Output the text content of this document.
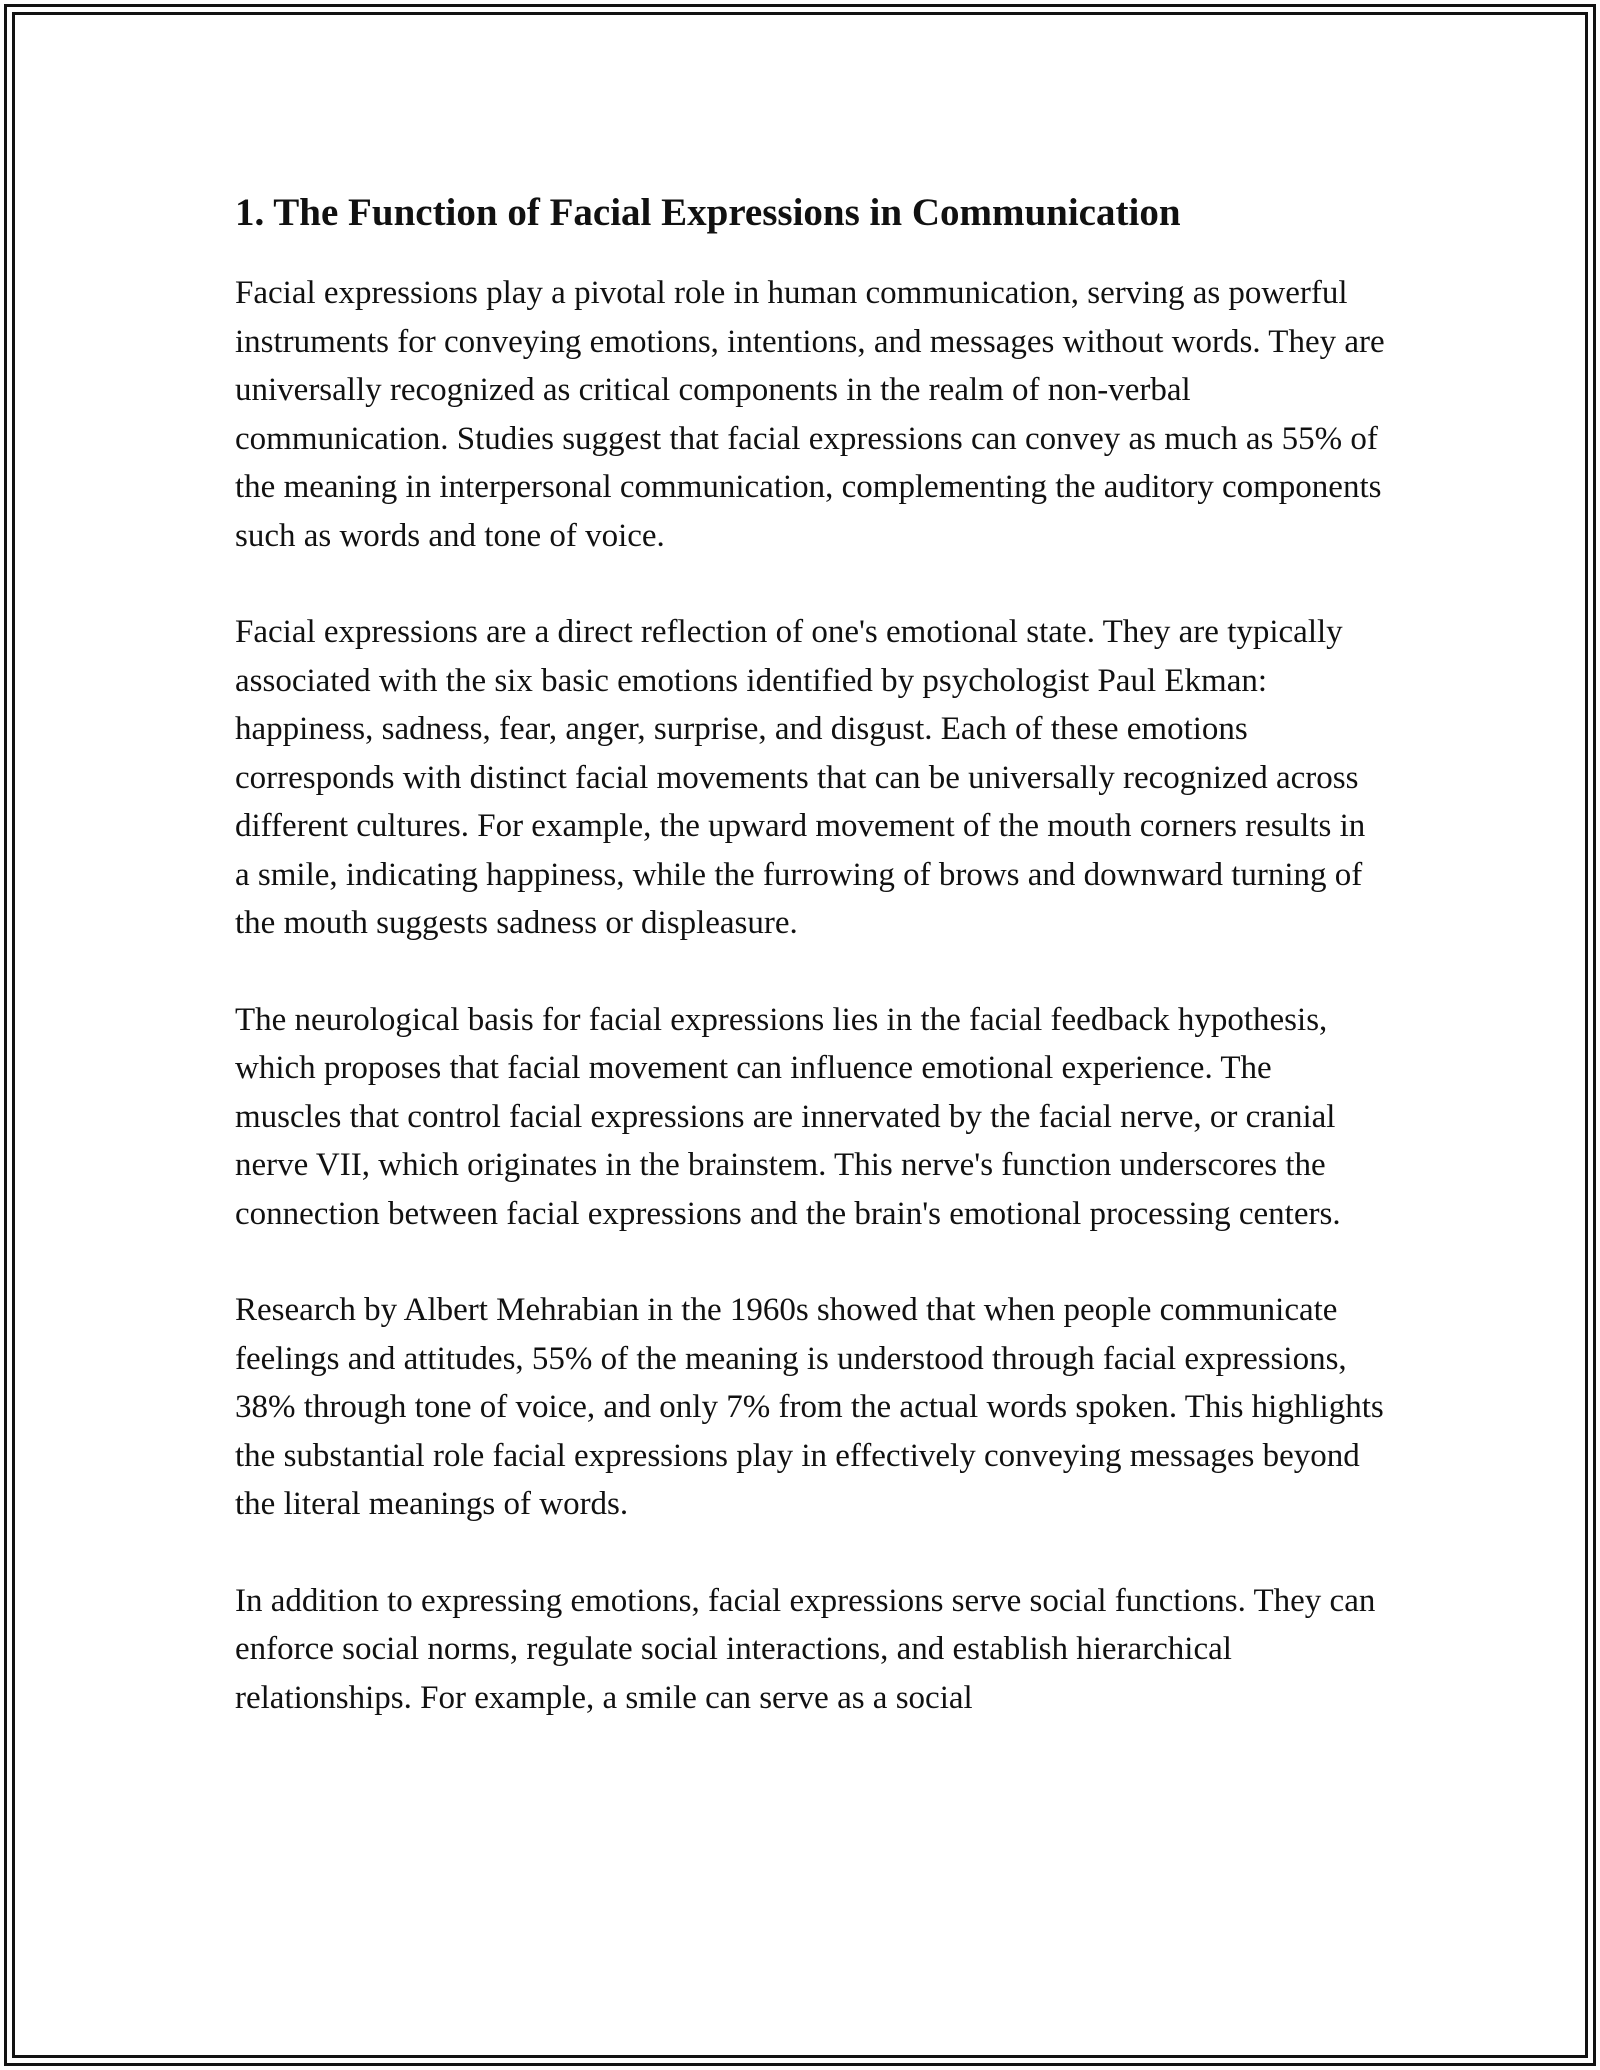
1. The Function of Facial Expressions in Communication

Facial expressions play a pivotal role in human communication, serving as powerful instruments for conveying emotions, intentions, and messages without words. They are universally recognized as critical components in the realm of non-verbal communication. Studies suggest that facial expressions can convey as much as 55% of the meaning in interpersonal communication, complementing the auditory components such as words and tone of voice.

Facial expressions are a direct reflection of one's emotional state. They are typically associated with the six basic emotions identified by psychologist Paul Ekman: happiness, sadness, fear, anger, surprise, and disgust. Each of these emotions corresponds with distinct facial movements that can be universally recognized across different cultures. For example, the upward movement of the mouth corners results in a smile, indicating happiness, while the furrowing of brows and downward turning of the mouth suggests sadness or displeasure.

The neurological basis for facial expressions lies in the facial feedback hypothesis, which proposes that facial movement can influence emotional experience. The muscles that control facial expressions are innervated by the facial nerve, or cranial nerve VII, which originates in the brainstem. This nerve's function underscores the connection between facial expressions and the brain's emotional processing centers.

Research by Albert Mehrabian in the 1960s showed that when people communicate feelings and attitudes, 55% of the meaning is understood through facial expressions, 38% through tone of voice, and only 7% from the actual words spoken. This highlights the substantial role facial expressions play in effectively conveying messages beyond the literal meanings of words.

In addition to expressing emotions, facial expressions serve social functions. They can enforce social norms, regulate social interactions, and establish hierarchical relationships. For example, a smile can serve as a social
